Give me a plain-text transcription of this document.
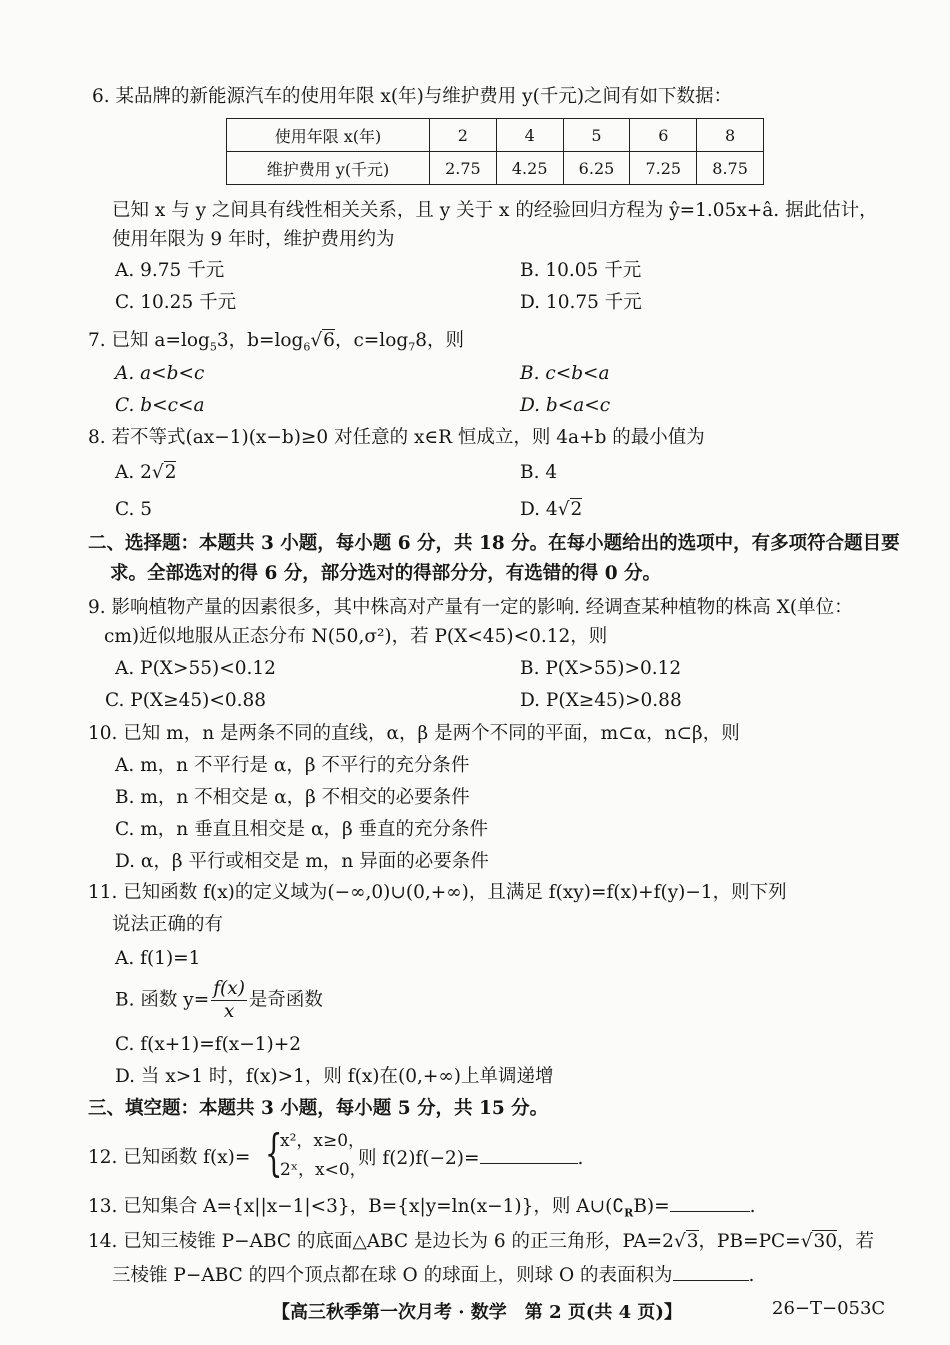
6. 某品牌的新能源汽车的使用年限 x(年)与维护费用 y(千元)之间有如下数据：
使用年限 x(年)	2	4	5	6	8
维护费用 y(千元)	2.75	4.25	6.25	7.25	8.75
已知 x 与 y 之间具有线性相关关系，且 y 关于 x 的经验回归方程为 ŷ=1.05x+â. 据此估计，
使用年限为 9 年时，维护费用约为
A. 9.75 千元	B. 10.05 千元
C. 10.25 千元	D. 10.75 千元
7. 已知 $a=\log_53$，$b=\log_6√6$，$c=\log_78$，则
A. a<b<c	B. c<b<a
C. b<c<a	D. b<a<c
8. 若不等式(ax−1)(x−b)≥0 对任意的 x∈R 恒成立，则 4a+b 的最小值为
A. 2√2	B. 4
C. 5	D. 4√2
二、选择题：本题共 3 小题，每小题 6 分，共 18 分。在每小题给出的选项中，有多项符合题目要
求。全部选对的得 6 分，部分选对的得部分分，有选错的得 0 分。
9. 影响植物产量的因素很多，其中株高对产量有一定的影响. 经调查某种植物的株高 X(单位：
cm)近似地服从正态分布 N(50,σ²)，若 P(X<45)<0.12，则
A. P(X>55)<0.12	B. P(X>55)>0.12
C. P(X≥45)<0.88	D. P(X≥45)>0.88
10. 已知 m，n 是两条不同的直线，α，β 是两个不同的平面，m⊂α，n⊂β，则
A. m，n 不平行是 α，β 不平行的充分条件
B. m，n 不相交是 α，β 不相交的必要条件
C. m，n 垂直且相交是 α，β 垂直的充分条件
D. α，β 平行或相交是 m，n 异面的必要条件
11. 已知函数 f(x)的定义域为(−∞,0)∪(0,+∞)，且满足 f(xy)=f(x)+f(y)−1，则下列
说法正确的有
A. f(1)=1
B. 函数 $y= \frac{f(x)}{x}$ 是奇函数
C. f(x+1)=f(x−1)+2
D. 当 x>1 时，f(x)>1，则 f(x)在(0,+∞)上单调递增
三、填空题：本题共 3 小题，每小题 5 分，共 15 分。
12. 已知函数 f(x)= {
x²，x≥0，
2ˣ，x<0，
则 f(2)f(−2)=	.
13. 已知集合 A={x||x−1|<3}，B={x|y=ln(x−1)}，则 $A\cup(∁_RB)=$	.
14. 已知三棱锥 P−ABC 的底面△ABC 是边长为 6 的正三角形，PA=2√3，PB=PC=√30，若
三棱锥 P−ABC 的四个顶点都在球 O 的球面上，则球 O 的表面积为	.
【高三秋季第一次月考 · 数学　第 2 页(共 4 页)】	26−T−053C
